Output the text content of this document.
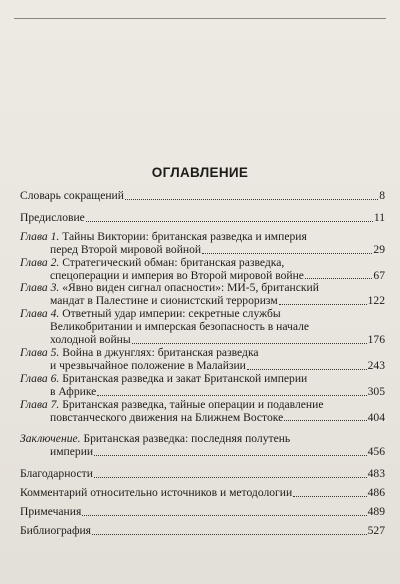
ОГЛАВЛЕНИЕ
Словарь сокращений	8
Предисловие	11
Глава 1. Тайны Виктории: британская разведка и империя
перед Второй мировой войной	29
Глава 2. Стратегический обман: британская разведка,
спецоперации и империя во Второй мировой войне	67
Глава 3. «Явно виден сигнал опасности»: МИ-5, британский
мандат в Палестине и сионистский терроризм	122
Глава 4. Ответный удар империи: секретные службы
Великобритании и имперская безопасность в начале
холодной войны	176
Глава 5. Война в джунглях: британская разведка
и чрезвычайное положение в Малайзии	243
Глава 6. Британская разведка и закат Британской империи
в Африке	305
Глава 7. Британская разведка, тайные операции и подавление
повстанческого движения на Ближнем Востоке	404
Заключение. Британская разведка: последняя полутень
империи	456
Благодарности	483
Комментарий относительно источников и методологии	486
Примечания	489
Библиография	527
